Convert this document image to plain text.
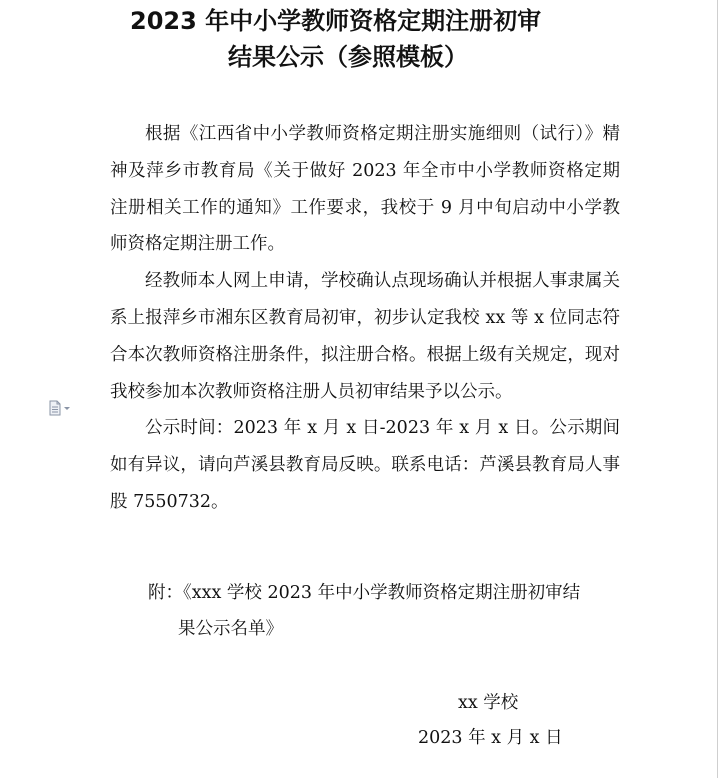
2023 年中小学教师资格定期注册初审
结果公示（参照模板）

根据《江西省中小学教师资格定期注册实施细则（试行）》精神及萍乡市教育局《关于做好 2023 年全市中小学教师资格定期注册相关工作的通知》工作要求，我校于 9 月中旬启动中小学教师资格定期注册工作。

经教师本人网上申请，学校确认点现场确认并根据人事隶属关系上报萍乡市湘东区教育局初审，初步认定我校 xx 等 x 位同志符合本次教师资格注册条件，拟注册合格。根据上级有关规定，现对我校参加本次教师资格注册人员初审结果予以公示。

公示时间：2023 年 x 月 x 日-2023 年 x 月 x 日。公示期间如有异议，请向芦溪县教育局反映。联系电话：芦溪县教育局人事股 7550732。

附：《xxx 学校 2023 年中小学教师资格定期注册初审结
果公示名单》
xx 学校
2023 年 x 月 x 日
